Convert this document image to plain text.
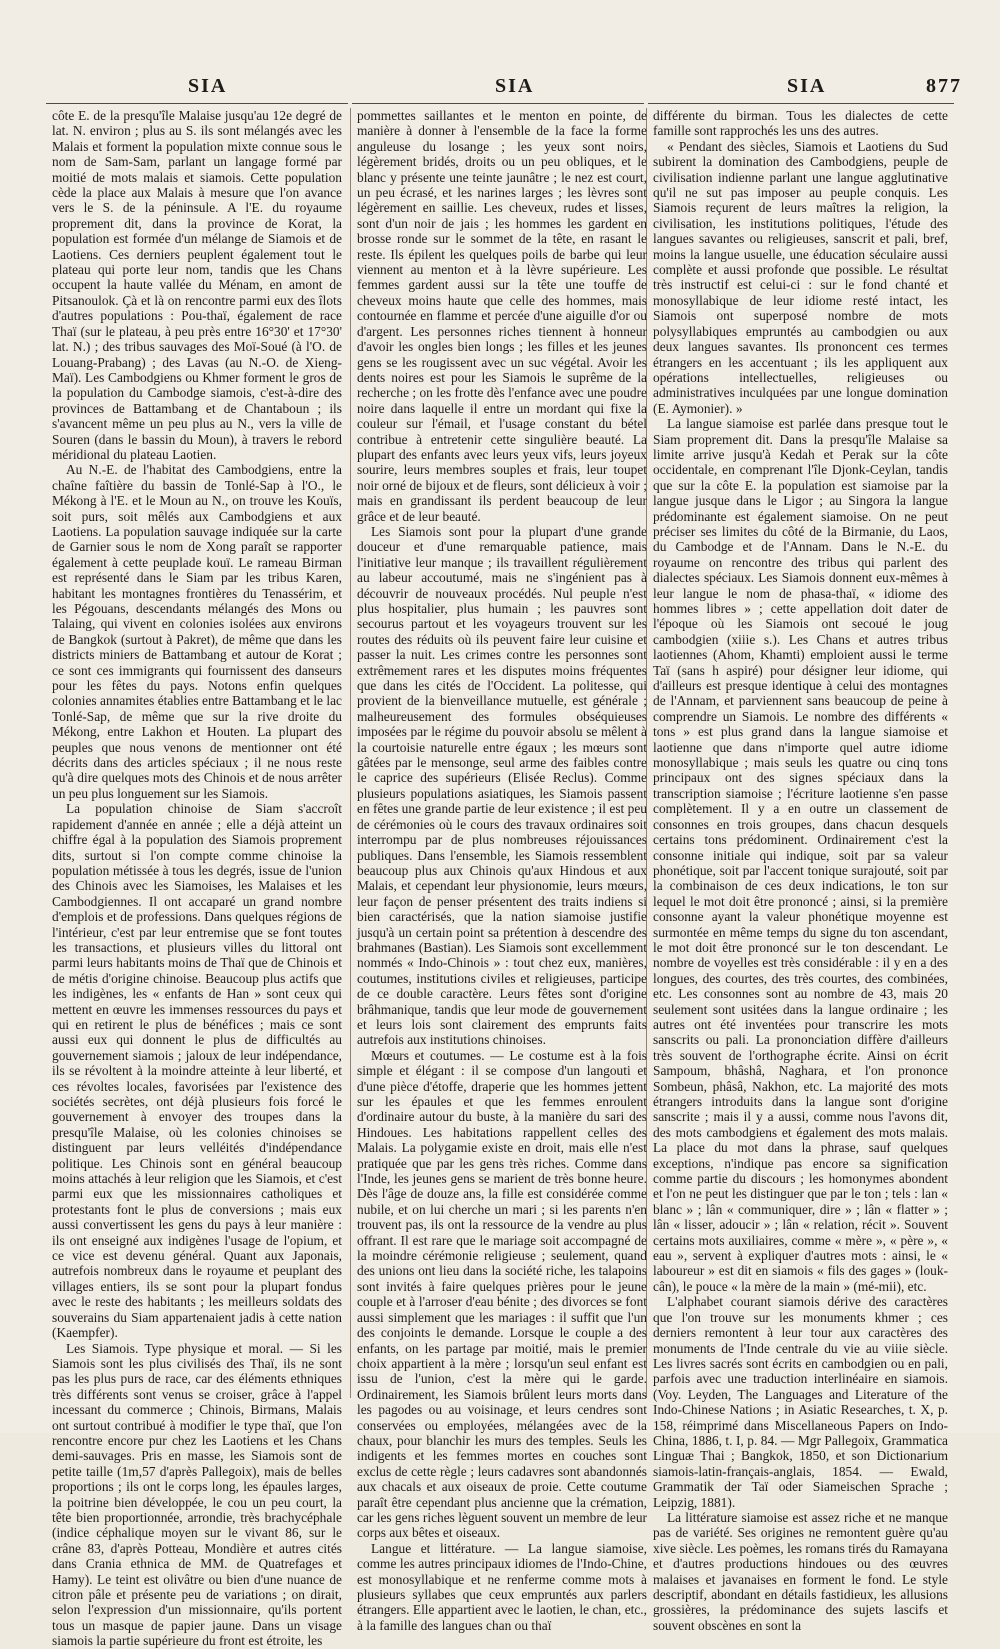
SIA	SIA	SIA	877

côte E. de la presqu'île Malaise jusqu'au 12e degré de lat. N. environ ; plus au S. ils sont mélangés avec les Malais et forment la population mixte connue sous le nom de Sam-Sam, parlant un langage formé par moitié de mots malais et siamois. Cette population cède la place aux Malais à mesure que l'on avance vers le S. de la péninsule. A l'E. du royaume proprement dit, dans la province de Korat, la population est formée d'un mélange de Siamois et de Laotiens. Ces derniers peuplent également tout le plateau qui porte leur nom, tandis que les Chans occupent la haute vallée du Ménam, en amont de Pitsanoulok. Çà et là on rencontre parmi eux des îlots d'autres populations : Pou-thaï, également de race Thaï (sur le plateau, à peu près entre 16°30' et 17°30' lat. N.) ; des tribus sauvages des Moï-Soué (à l'O. de Louang-Prabang) ; des Lavas (au N.-O. de Xieng-Maï). Les Cambodgiens ou Khmer forment le gros de la population du Cambodge siamois, c'est-à-dire des provinces de Battambang et de Chantaboun ; ils s'avancent même un peu plus au N., vers la ville de Souren (dans le bassin du Moun), à travers le rebord méridional du plateau Laotien.

Au N.-E. de l'habitat des Cambodgiens, entre la chaîne faîtière du bassin de Tonlé-Sap à l'O., le Mékong à l'E. et le Moun au N., on trouve les Kouïs, soit purs, soit mêlés aux Cambodgiens et aux Laotiens. La population sauvage indiquée sur la carte de Garnier sous le nom de Xong paraît se rapporter également à cette peuplade kouï. Le rameau Birman est représenté dans le Siam par les tribus Karen, habitant les montagnes frontières du Tenassérim, et les Pégouans, descendants mélangés des Mons ou Talaing, qui vivent en colonies isolées aux environs de Bangkok (surtout à Pakret), de même que dans les districts miniers de Battambang et autour de Korat ; ce sont ces immigrants qui fournissent des danseurs pour les fêtes du pays. Notons enfin quelques colonies annamites établies entre Battambang et le lac Tonlé-Sap, de même que sur la rive droite du Mékong, entre Lakhon et Houten. La plupart des peuples que nous venons de mentionner ont été décrits dans des articles spéciaux ; il ne nous reste qu'à dire quelques mots des Chinois et de nous arrêter un peu plus longuement sur les Siamois.

La population chinoise de Siam s'accroît rapidement d'année en année ; elle a déjà atteint un chiffre égal à la population des Siamois proprement dits, surtout si l'on compte comme chinoise la population métissée à tous les degrés, issue de l'union des Chinois avec les Siamoises, les Malaises et les Cambodgiennes. Il ont accaparé un grand nombre d'emplois et de professions. Dans quelques régions de l'intérieur, c'est par leur entremise que se font toutes les transactions, et plusieurs villes du littoral ont parmi leurs habitants moins de Thaï que de Chinois et de métis d'origine chinoise. Beaucoup plus actifs que les indigènes, les « enfants de Han » sont ceux qui mettent en œuvre les immenses ressources du pays et qui en retirent le plus de bénéfices ; mais ce sont aussi eux qui donnent le plus de difficultés au gouvernement siamois ; jaloux de leur indépendance, ils se révoltent à la moindre atteinte à leur liberté, et ces révoltes locales, favorisées par l'existence des sociétés secrètes, ont déjà plusieurs fois forcé le gouvernement à envoyer des troupes dans la presqu'île Malaise, où les colonies chinoises se distinguent par leurs velléités d'indépendance politique. Les Chinois sont en général beaucoup moins attachés à leur religion que les Siamois, et c'est parmi eux que les missionnaires catholiques et protestants font le plus de conversions ; mais eux aussi convertissent les gens du pays à leur manière : ils ont enseigné aux indigènes l'usage de l'opium, et ce vice est devenu général. Quant aux Japonais, autrefois nombreux dans le royaume et peuplant des villages entiers, ils se sont pour la plupart fondus avec le reste des habitants ; les meilleurs soldats des souverains du Siam appartenaient jadis à cette nation (Kaempfer).

Les Siamois. Type physique et moral. — Si les Siamois sont les plus civilisés des Thaï, ils ne sont pas les plus purs de race, car des éléments ethniques très différents sont venus se croiser, grâce à l'appel incessant du commerce ; Chinois, Birmans, Malais ont surtout contribué à modifier le type thaï, que l'on rencontre encore pur chez les Laotiens et les Chans demi-sauvages. Pris en masse, les Siamois sont de petite taille (1m,57 d'après Pallegoix), mais de belles proportions ; ils ont le corps long, les épaules larges, la poitrine bien développée, le cou un peu court, la tête bien proportionnée, arrondie, très brachycéphale (indice céphalique moyen sur le vivant 86, sur le crâne 83, d'après Potteau, Mondière et autres cités dans Crania ethnica de MM. de Quatrefages et Hamy). Le teint est olivâtre ou bien d'une nuance de citron pâle et présente peu de variations ; on dirait, selon l'expression d'un missionnaire, qu'ils portent tous un masque de papier jaune. Dans un visage siamois la partie supérieure du front est étroite, les

pommettes saillantes et le menton en pointe, de manière à donner à l'ensemble de la face la forme anguleuse du losange ; les yeux sont noirs, légèrement bridés, droits ou un peu obliques, et le blanc y présente une teinte jaunâtre ; le nez est court, un peu écrasé, et les narines larges ; les lèvres sont légèrement en saillie. Les cheveux, rudes et lisses, sont d'un noir de jais ; les hommes les gardent en brosse ronde sur le sommet de la tête, en rasant le reste. Ils épilent les quelques poils de barbe qui leur viennent au menton et à la lèvre supérieure. Les femmes gardent aussi sur la tête une touffe de cheveux moins haute que celle des hommes, mais contournée en flamme et percée d'une aiguille d'or ou d'argent. Les personnes riches tiennent à honneur d'avoir les ongles bien longs ; les filles et les jeunes gens se les rougissent avec un suc végétal. Avoir les dents noires est pour les Siamois le suprême de la recherche ; on les frotte dès l'enfance avec une poudre noire dans laquelle il entre un mordant qui fixe la couleur sur l'émail, et l'usage constant du bétel contribue à entretenir cette singulière beauté. La plupart des enfants avec leurs yeux vifs, leurs joyeux sourire, leurs membres souples et frais, leur toupet noir orné de bijoux et de fleurs, sont délicieux à voir ; mais en grandissant ils perdent beaucoup de leur grâce et de leur beauté.

Les Siamois sont pour la plupart d'une grande douceur et d'une remarquable patience, mais l'initiative leur manque ; ils travaillent régulièrement au labeur accoutumé, mais ne s'ingénient pas à découvrir de nouveaux procédés. Nul peuple n'est plus hospitalier, plus humain ; les pauvres sont secourus partout et les voyageurs trouvent sur les routes des réduits où ils peuvent faire leur cuisine et passer la nuit. Les crimes contre les personnes sont extrêmement rares et les disputes moins fréquentes que dans les cités de l'Occident. La politesse, qui provient de la bienveillance mutuelle, est générale ; malheureusement des formules obséquieuses imposées par le régime du pouvoir absolu se mêlent à la courtoisie naturelle entre égaux ; les mœurs sont gâtées par le mensonge, seul arme des faibles contre le caprice des supérieurs (Elisée Reclus). Comme plusieurs populations asiatiques, les Siamois passent en fêtes une grande partie de leur existence ; il est peu de cérémonies où le cours des travaux ordinaires soit interrompu par de plus nombreuses réjouissances publiques. Dans l'ensemble, les Siamois ressemblent beaucoup plus aux Chinois qu'aux Hindous et aux Malais, et cependant leur physionomie, leurs mœurs, leur façon de penser présentent des traits indiens si bien caractérisés, que la nation siamoise justifie jusqu'à un certain point sa prétention à descendre des brahmanes (Bastian). Les Siamois sont excellemment nommés « Indo-Chinois » : tout chez eux, manières, coutumes, institutions civiles et religieuses, participe de ce double caractère. Leurs fêtes sont d'origine brâhmanique, tandis que leur mode de gouvernement et leurs lois sont clairement des emprunts faits autrefois aux institutions chinoises.

Mœurs et coutumes. — Le costume est à la fois simple et élégant : il se compose d'un langouti et d'une pièce d'étoffe, draperie que les hommes jettent sur les épaules et que les femmes enroulent d'ordinaire autour du buste, à la manière du sari des Hindoues. Les habitations rappellent celles des Malais. La polygamie existe en droit, mais elle n'est pratiquée que par les gens très riches. Comme dans l'Inde, les jeunes gens se marient de très bonne heure. Dès l'âge de douze ans, la fille est considérée comme nubile, et on lui cherche un mari ; si les parents n'en trouvent pas, ils ont la ressource de la vendre au plus offrant. Il est rare que le mariage soit accompagné de la moindre cérémonie religieuse ; seulement, quand des unions ont lieu dans la société riche, les talapoins sont invités à faire quelques prières pour le jeune couple et à l'arroser d'eau bénite ; des divorces se font aussi simplement que les mariages : il suffit que l'un des conjoints le demande. Lorsque le couple a des enfants, on les partage par moitié, mais le premier choix appartient à la mère ; lorsqu'un seul enfant est issu de l'union, c'est la mère qui le garde. Ordinairement, les Siamois brûlent leurs morts dans les pagodes ou au voisinage, et leurs cendres sont conservées ou employées, mélangées avec de la chaux, pour blanchir les murs des temples. Seuls les indigents et les femmes mortes en couches sont exclus de cette règle ; leurs cadavres sont abandonnés aux chacals et aux oiseaux de proie. Cette coutume paraît être cependant plus ancienne que la crémation, car les gens riches lèguent souvent un membre de leur corps aux bêtes et oiseaux.

Langue et littérature. — La langue siamoise, comme les autres principaux idiomes de l'Indo-Chine, est monosyllabique et ne renferme comme mots à plusieurs syllabes que ceux empruntés aux parlers étrangers. Elle appartient avec le laotien, le chan, etc., à la famille des langues chan ou thaï

différente du birman. Tous les dialectes de cette famille sont rapprochés les uns des autres.

« Pendant des siècles, Siamois et Laotiens du Sud subirent la domination des Cambodgiens, peuple de civilisation indienne parlant une langue agglutinative qu'il ne sut pas imposer au peuple conquis. Les Siamois reçurent de leurs maîtres la religion, la civilisation, les institutions politiques, l'étude des langues savantes ou religieuses, sanscrit et pali, bref, moins la langue usuelle, une éducation séculaire aussi complète et aussi profonde que possible. Le résultat très instructif est celui-ci : sur le fond chanté et monosyllabique de leur idiome resté intact, les Siamois ont superposé nombre de mots polysyllabiques empruntés au cambodgien ou aux deux langues savantes. Ils prononcent ces termes étrangers en les accentuant ; ils les appliquent aux opérations intellectuelles, religieuses ou administratives inculquées par une longue domination (E. Aymonier). »

La langue siamoise est parlée dans presque tout le Siam proprement dit. Dans la presqu'île Malaise sa limite arrive jusqu'à Kedah et Perak sur la côte occidentale, en comprenant l'île Djonk-Ceylan, tandis que sur la côte E. la population est siamoise par la langue jusque dans le Ligor ; au Singora la langue prédominante est également siamoise. On ne peut préciser ses limites du côté de la Birmanie, du Laos, du Cambodge et de l'Annam. Dans le N.-E. du royaume on rencontre des tribus qui parlent des dialectes spéciaux. Les Siamois donnent eux-mêmes à leur langue le nom de phasa-thaï, « idiome des hommes libres » ; cette appellation doit dater de l'époque où les Siamois ont secoué le joug cambodgien (xiiie s.). Les Chans et autres tribus laotiennes (Ahom, Khamti) emploient aussi le terme Taï (sans h aspiré) pour désigner leur idiome, qui d'ailleurs est presque identique à celui des montagnes de l'Annam, et parviennent sans beaucoup de peine à comprendre un Siamois. Le nombre des différents « tons » est plus grand dans la langue siamoise et laotienne que dans n'importe quel autre idiome monosyllabique ; mais seuls les quatre ou cinq tons principaux ont des signes spéciaux dans la transcription siamoise ; l'écriture laotienne s'en passe complètement. Il y a en outre un classement de consonnes en trois groupes, dans chacun desquels certains tons prédominent. Ordinairement c'est la consonne initiale qui indique, soit par sa valeur phonétique, soit par l'accent tonique surajouté, soit par la combinaison de ces deux indications, le ton sur lequel le mot doit être prononcé ; ainsi, si la première consonne ayant la valeur phonétique moyenne est surmontée en même temps du signe du ton ascendant, le mot doit être prononcé sur le ton descendant. Le nombre de voyelles est très considérable : il y en a des longues, des courtes, des très courtes, des combinées, etc. Les consonnes sont au nombre de 43, mais 20 seulement sont usitées dans la langue ordinaire ; les autres ont été inventées pour transcrire les mots sanscrits ou pali. La prononciation diffère d'ailleurs très souvent de l'orthographe écrite. Ainsi on écrit Sampoum, bhâshâ, Naghara, et l'on prononce Sombeun, phâsâ, Nakhon, etc. La majorité des mots étrangers introduits dans la langue sont d'origine sanscrite ; mais il y a aussi, comme nous l'avons dit, des mots cambodgiens et également des mots malais. La place du mot dans la phrase, sauf quelques exceptions, n'indique pas encore sa signification comme partie du discours ; les homonymes abondent et l'on ne peut les distinguer que par le ton ; tels : lan « blanc » ; lân « communiquer, dire » ; lân « flatter » ; lân « lisser, adoucir » ; lân « relation, récit ». Souvent certains mots auxiliaires, comme « mère », « père », « eau », servent à expliquer d'autres mots : ainsi, le « laboureur » est dit en siamois « fils des gages » (louk-cân), le pouce « la mère de la main » (mé-mii), etc.

L'alphabet courant siamois dérive des caractères que l'on trouve sur les monuments khmer ; ces derniers remontent à leur tour aux caractères des monuments de l'Inde centrale du vie au viiie siècle. Les livres sacrés sont écrits en cambodgien ou en pali, parfois avec une traduction interlinéaire en siamois. (Voy. Leyden, The Languages and Literature of the Indo-Chinese Nations ; in Asiatic Researches, t. X, p. 158, réimprimé dans Miscellaneous Papers on Indo-China, 1886, t. I, p. 84. — Mgr Pallegoix, Grammatica Linguæ Thai ; Bangkok, 1850, et son Dictionarium siamois-latin-français-anglais, 1854. — Ewald, Grammatik der Taï oder Siameischen Sprache ; Leipzig, 1881).

La littérature siamoise est assez riche et ne manque pas de variété. Ses origines ne remontent guère qu'au xive siècle. Les poèmes, les romans tirés du Ramayana et d'autres productions hindoues ou des œuvres malaises et javanaises en forment le fond. Le style descriptif, abondant en détails fastidieux, les allusions grossières, la prédominance des sujets lascifs et souvent obscènes en sont la
